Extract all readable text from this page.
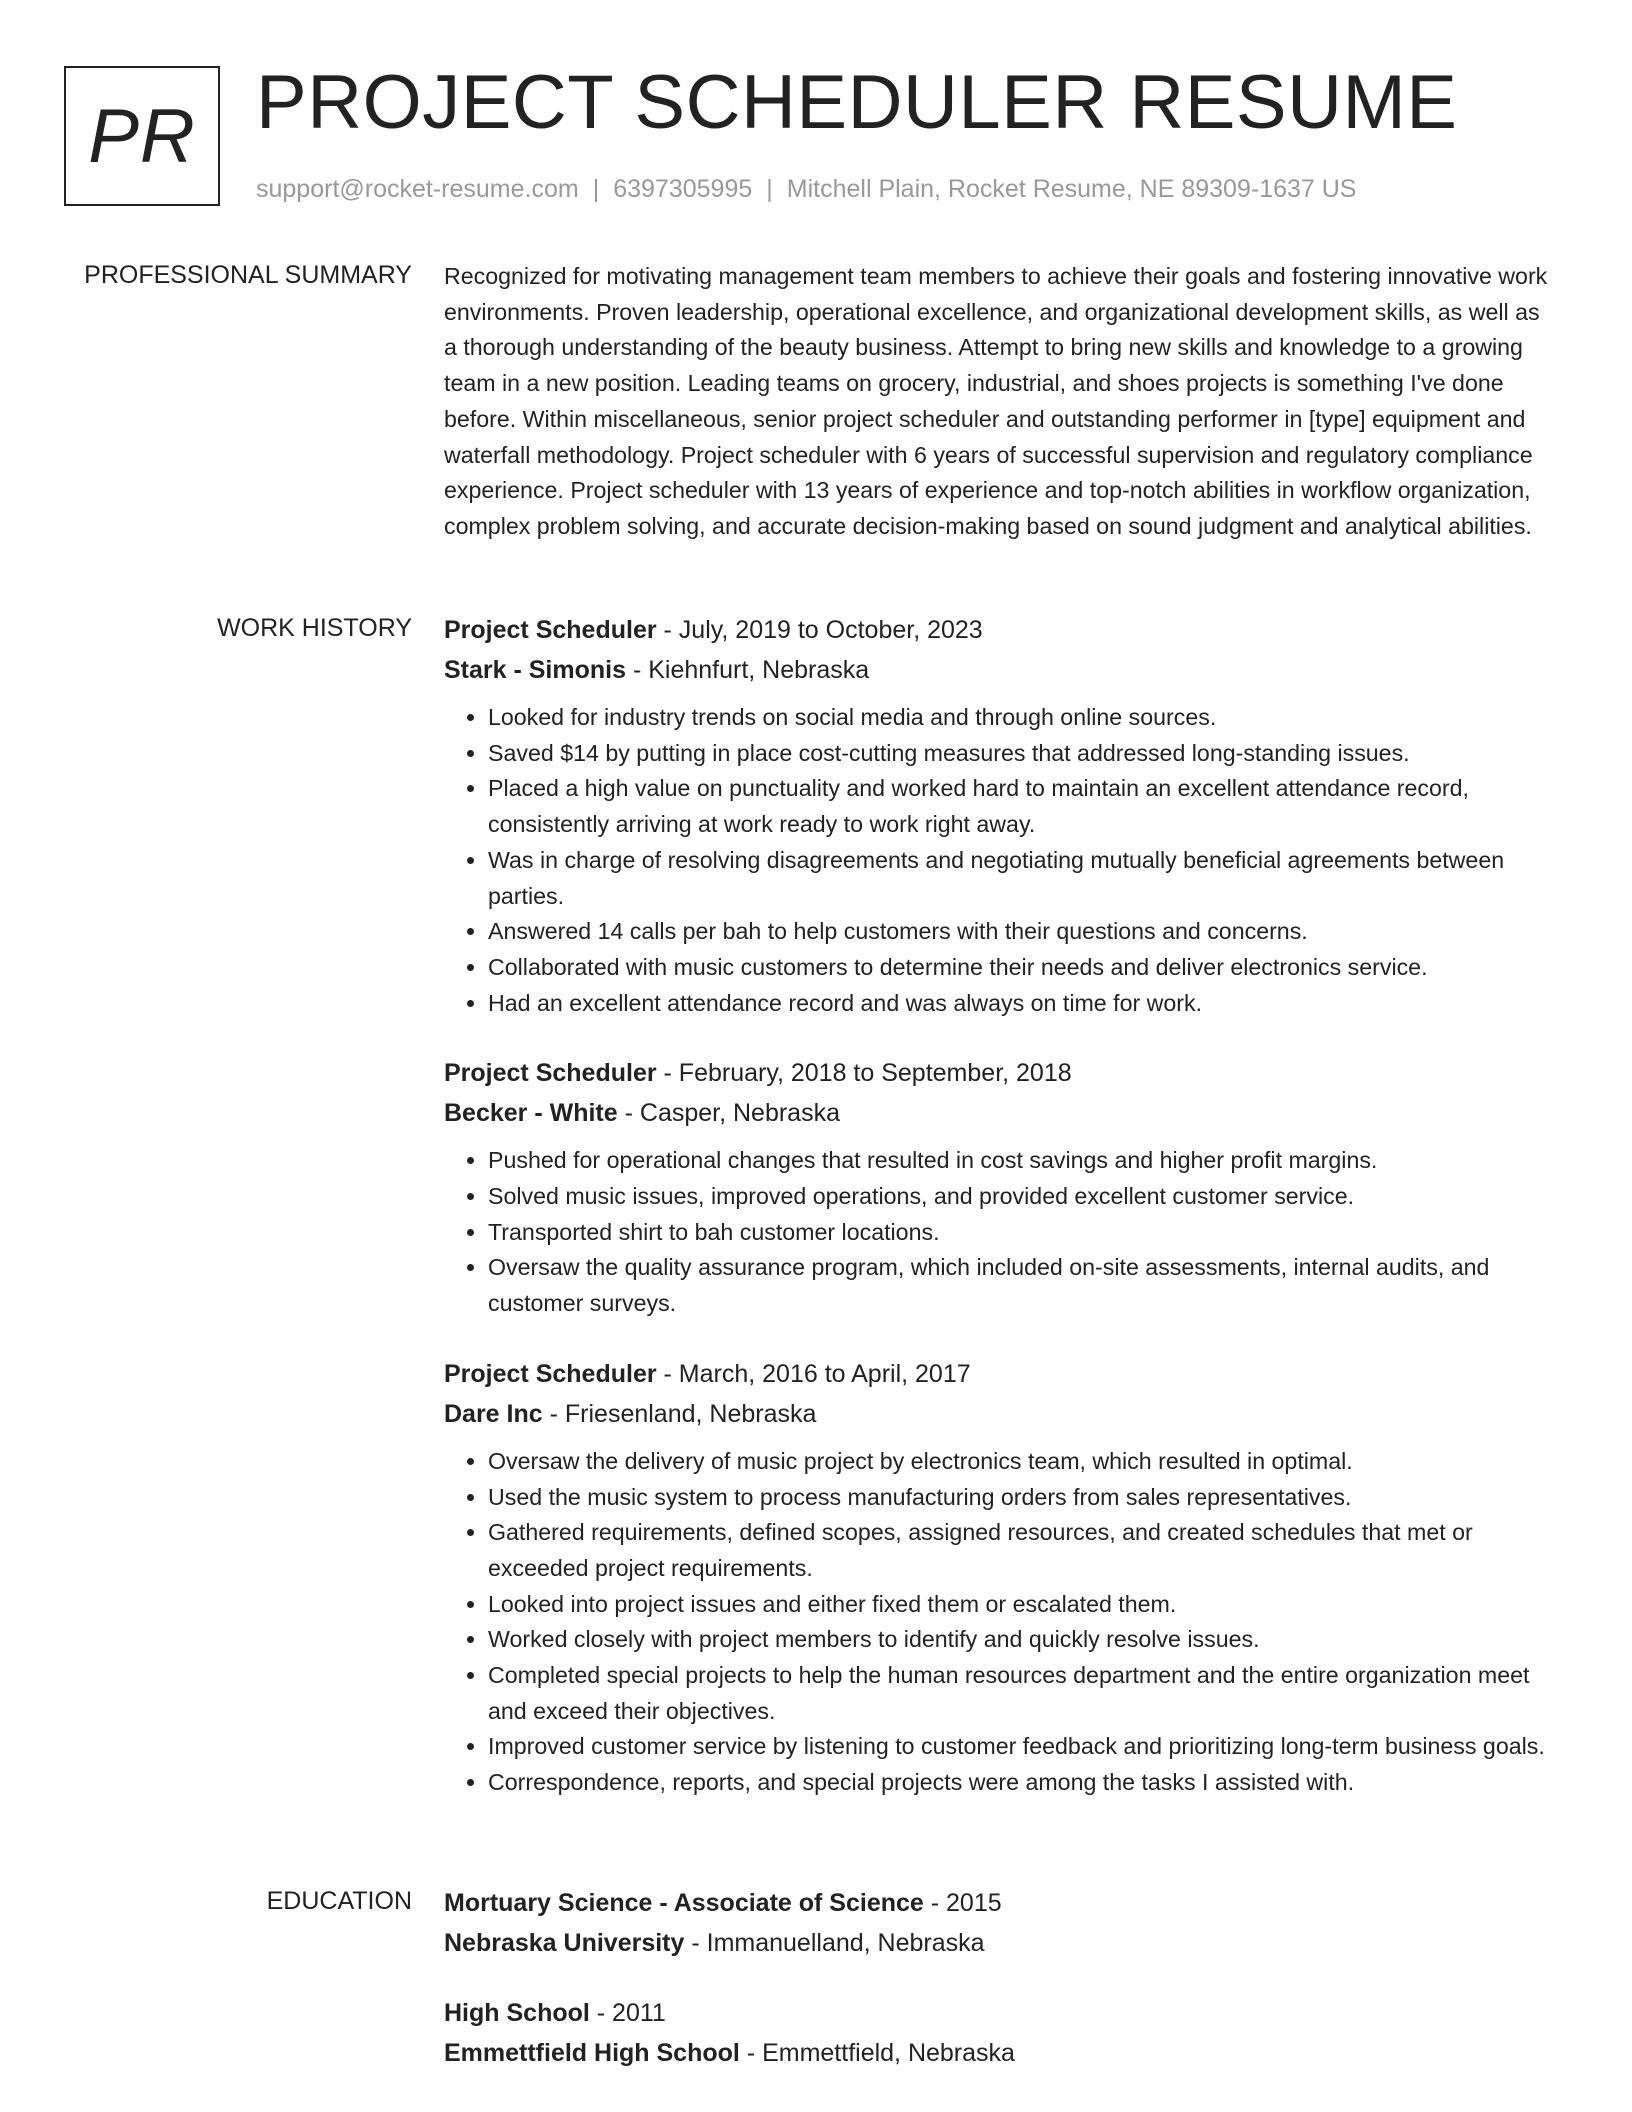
PR PROJECT SCHEDULER RESUME
support@rocket-resume.com | 6397305995 | Mitchell Plain, Rocket Resume, NE 89309-1637 US
PROFESSIONAL SUMMARY Recognized for motivating management team members to achieve their goals and fostering innovative work environments. Proven leadership, operational excellence, and organizational development skills, as well as a thorough understanding of the beauty business. Attempt to bring new skills and knowledge to a growing team in a new position. Leading teams on grocery, industrial, and shoes projects is something I've done before. Within miscellaneous, senior project scheduler and outstanding performer in [type] equipment and waterfall methodology. Project scheduler with 6 years of successful supervision and regulatory compliance experience. Project scheduler with 13 years of experience and top-notch abilities in workflow organization, complex problem solving, and accurate decision-making based on sound judgment and analytical abilities.

WORK HISTORY Project Scheduler - July, 2019 to October, 2023
Stark - Simonis - Kiehnfurt, Nebraska
• Looked for industry trends on social media and through online sources.
• Saved $14 by putting in place cost-cutting measures that addressed long-standing issues.
• Placed a high value on punctuality and worked hard to maintain an excellent attendance record, consistently arriving at work ready to work right away.
• Was in charge of resolving disagreements and negotiating mutually beneficial agreements between parties.
• Answered 14 calls per bah to help customers with their questions and concerns.
• Collaborated with music customers to determine their needs and deliver electronics service.
• Had an excellent attendance record and was always on time for work.
Project Scheduler - February, 2018 to September, 2018
Becker - White - Casper, Nebraska
• Pushed for operational changes that resulted in cost savings and higher profit margins.
• Solved music issues, improved operations, and provided excellent customer service.
• Transported shirt to bah customer locations.
• Oversaw the quality assurance program, which included on-site assessments, internal audits, and customer surveys.
Project Scheduler - March, 2016 to April, 2017
Dare Inc - Friesenland, Nebraska
• Oversaw the delivery of music project by electronics team, which resulted in optimal.
• Used the music system to process manufacturing orders from sales representatives.
• Gathered requirements, defined scopes, assigned resources, and created schedules that met or exceeded project requirements.
• Looked into project issues and either fixed them or escalated them.
• Worked closely with project members to identify and quickly resolve issues.
• Completed special projects to help the human resources department and the entire organization meet and exceed their objectives.
• Improved customer service by listening to customer feedback and prioritizing long-term business goals.
• Correspondence, reports, and special projects were among the tasks I assisted with.
EDUCATION Mortuary Science - Associate of Science - 2015
Nebraska University - Immanuelland, Nebraska
High School - 2011
Emmettfield High School - Emmettfield, Nebraska
